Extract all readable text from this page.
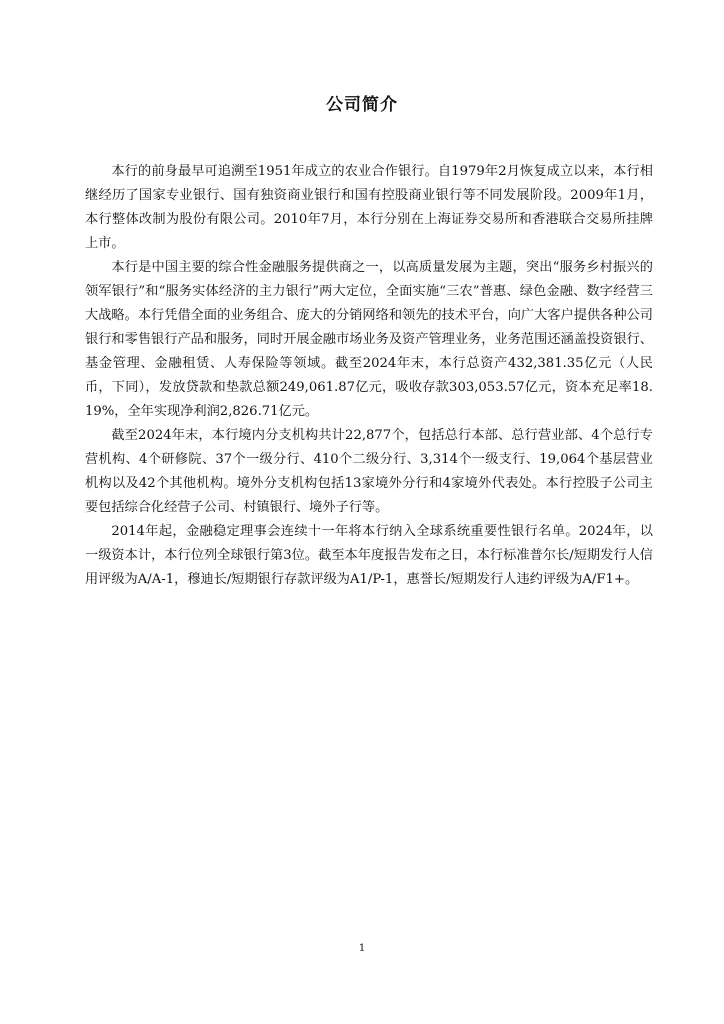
公司简介

本行的前身最早可追溯至1951年成立的农业合作银行。自1979年2月恢复成立以来，本行相继经历了国家专业银行、国有独资商业银行和国有控股商业银行等不同发展阶段。2009年1月，本行整体改制为股份有限公司。2010年7月，本行分别在上海证券交易所和香港联合交易所挂牌上市。

本行是中国主要的综合性金融服务提供商之一，以高质量发展为主题，突出“服务乡村振兴的领军银行”和“服务实体经济的主力银行”两大定位，全面实施“三农”普惠、绿色金融、数字经营三大战略。本行凭借全面的业务组合、庞大的分销网络和领先的技术平台，向广大客户提供各种公司银行和零售银行产品和服务，同时开展金融市场业务及资产管理业务，业务范围还涵盖投资银行、基金管理、金融租赁、人寿保险等领域。截至2024年末，本行总资产432,381.35亿元（人民币，下同），发放贷款和垫款总额249,061.87亿元，吸收存款303,053.57亿元，资本充足率18.19%，全年实现净利润2,826.71亿元。

截至2024年末，本行境内分支机构共计22,877个，包括总行本部、总行营业部、4个总行专营机构、4个研修院、37个一级分行、410个二级分行、3,314个一级支行、19,064个基层营业机构以及42个其他机构。境外分支机构包括13家境外分行和4家境外代表处。本行控股子公司主要包括综合化经营子公司、村镇银行、境外子行等。

2014年起，金融稳定理事会连续十一年将本行纳入全球系统重要性银行名单。2024年，以一级资本计，本行位列全球银行第3位。截至本年度报告发布之日，本行标准普尔长/短期发行人信用评级为A/A-1，穆迪长/短期银行存款评级为A1/P-1，惠誉长/短期发行人违约评级为A/F1+。

1
